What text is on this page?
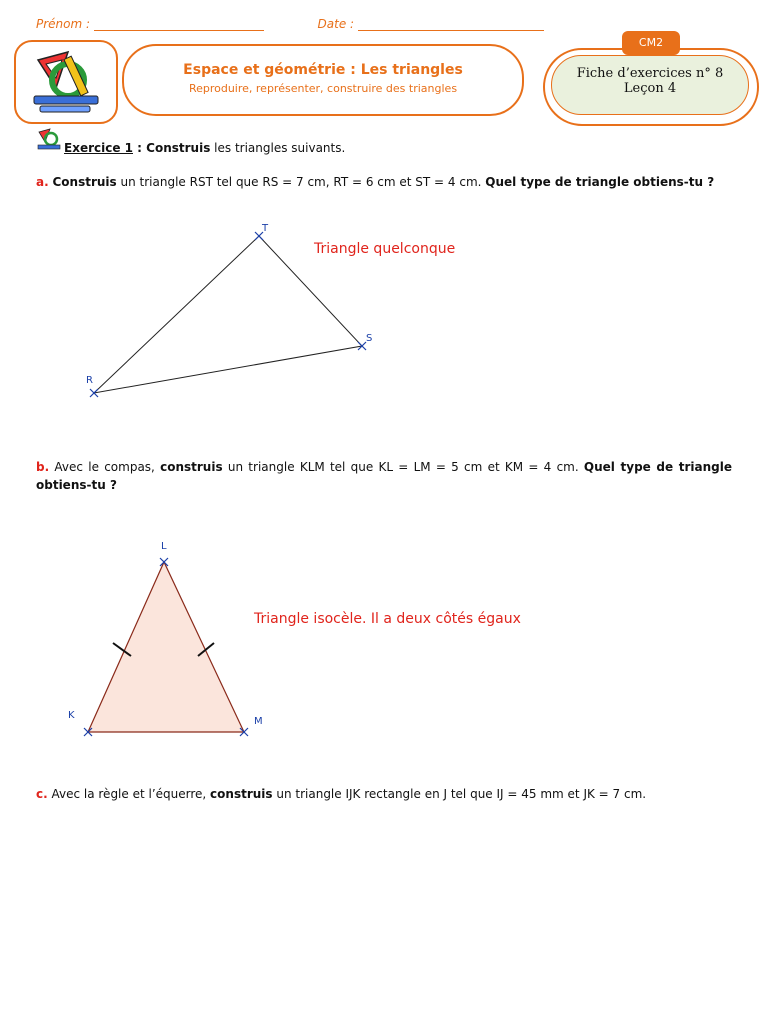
Prénom :	Date :
Espace et géométrie : Les triangles
Reproduire, représenter, construire des triangles
Fiche d’exercices n° 8
Leçon 4
CM2
Exercice 1 : Construis les triangles suivants.
a. Construis un triangle RST tel que RS = 7 cm, RT = 6 cm et ST = 4 cm. Quel type de triangle obtiens-tu ?
R
T
S
Triangle quelconque
b. Avec le compas, construis un triangle KLM tel que KL = LM = 5 cm et KM = 4 cm. Quel type de triangle obtiens-tu ?
K
L
M
Triangle isocèle. Il a deux côtés égaux
c. Avec la règle et l’équerre, construis un triangle IJK rectangle en J tel que IJ = 45 mm et JK = 7 cm.
